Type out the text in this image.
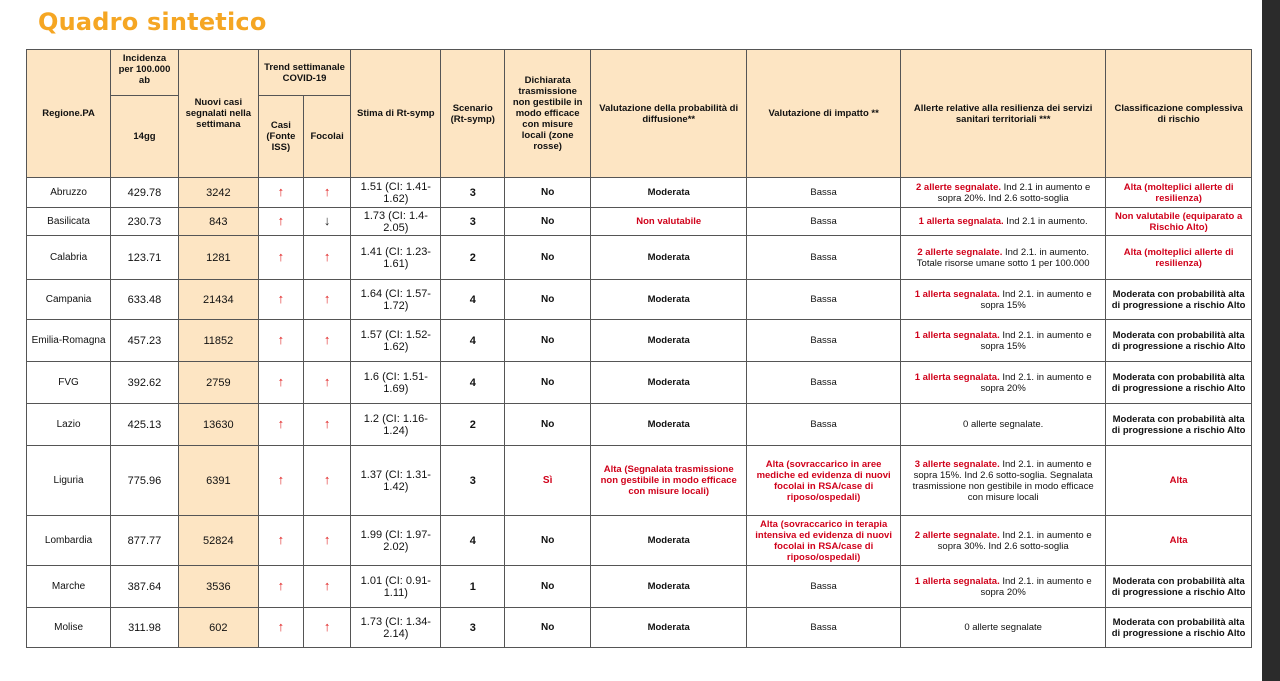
Quadro sintetico
Regione.PA	Incidenza per 100.000 ab	Nuovi casi segnalati nella settimana	Trend settimanale COVID-19		Stima di Rt-symp	Scenario (Rt-symp)	Dichiarata trasmissione non gestibile in modo efficace con misure locali (zone rosse)	Valutazione della probabilità di diffusione**	Valutazione di impatto **	Allerte relative alla resilienza dei servizi sanitari territoriali ***	Classificazione complessiva di rischio
	14gg		Casi (Fonte ISS)	Focolai							
Abruzzo	429.78	3242	↑	↑	1.51 (CI: 1.41-1.62)	3	No	Moderata	Bassa	2 allerte segnalate. Ind 2.1 in aumento e sopra 20%. Ind 2.6 sotto-soglia	Alta (molteplici allerte di resilienza)
Basilicata	230.73	843	↑	↓	1.73 (CI: 1.4-2.05)	3	No	Non valutabile	Bassa	1 allerta segnalata. Ind 2.1 in aumento.	Non valutabile (equiparato a Rischio Alto)
Calabria	123.71	1281	↑	↑	1.41 (CI: 1.23-1.61)	2	No	Moderata	Bassa	2 allerte segnalate. Ind 2.1. in aumento. Totale risorse umane sotto 1 per 100.000	Alta (molteplici allerte di resilienza)
Campania	633.48	21434	↑	↑	1.64 (CI: 1.57-1.72)	4	No	Moderata	Bassa	1 allerta segnalata. Ind 2.1. in aumento e sopra 15%	Moderata con probabilità alta di progressione a rischio Alto
Emilia-Romagna	457.23	11852	↑	↑	1.57 (CI: 1.52-1.62)	4	No	Moderata	Bassa	1 allerta segnalata. Ind 2.1. in aumento e sopra 15%	Moderata con probabilità alta di progressione a rischio Alto
FVG	392.62	2759	↑	↑	1.6 (CI: 1.51-1.69)	4	No	Moderata	Bassa	1 allerta segnalata. Ind 2.1. in aumento e sopra 20%	Moderata con probabilità alta di progressione a rischio Alto
Lazio	425.13	13630	↑	↑	1.2 (CI: 1.16-1.24)	2	No	Moderata	Bassa	0 allerte segnalate.	Moderata con probabilità alta di progressione a rischio Alto
Liguria	775.96	6391	↑	↑	1.37 (CI: 1.31-1.42)	3	Sì	Alta (Segnalata trasmissione non gestibile in modo efficace con misure locali)	Alta (sovraccarico in aree mediche ed evidenza di nuovi focolai in RSA/case di riposo/ospedali)	3 allerte segnalate. Ind 2.1. in aumento e sopra 15%. Ind 2.6 sotto-soglia. Segnalata trasmissione non gestibile in modo efficace con misure locali	Alta
Lombardia	877.77	52824	↑	↑	1.99 (CI: 1.97-2.02)	4	No	Moderata	Alta (sovraccarico in terapia intensiva ed evidenza di nuovi focolai in RSA/case di riposo/ospedali)	2 allerte segnalate. Ind 2.1. in aumento e sopra 30%. Ind 2.6 sotto-soglia	Alta
Marche	387.64	3536	↑	↑	1.01 (CI: 0.91-1.11)	1	No	Moderata	Bassa	1 allerta segnalata. Ind 2.1. in aumento e sopra 20%	Moderata con probabilità alta di progressione a rischio Alto
Molise	311.98	602	↑	↑	1.73 (CI: 1.34-2.14)	3	No	Moderata	Bassa	0 allerte segnalate	Moderata con probabilità alta di progressione a rischio Alto
